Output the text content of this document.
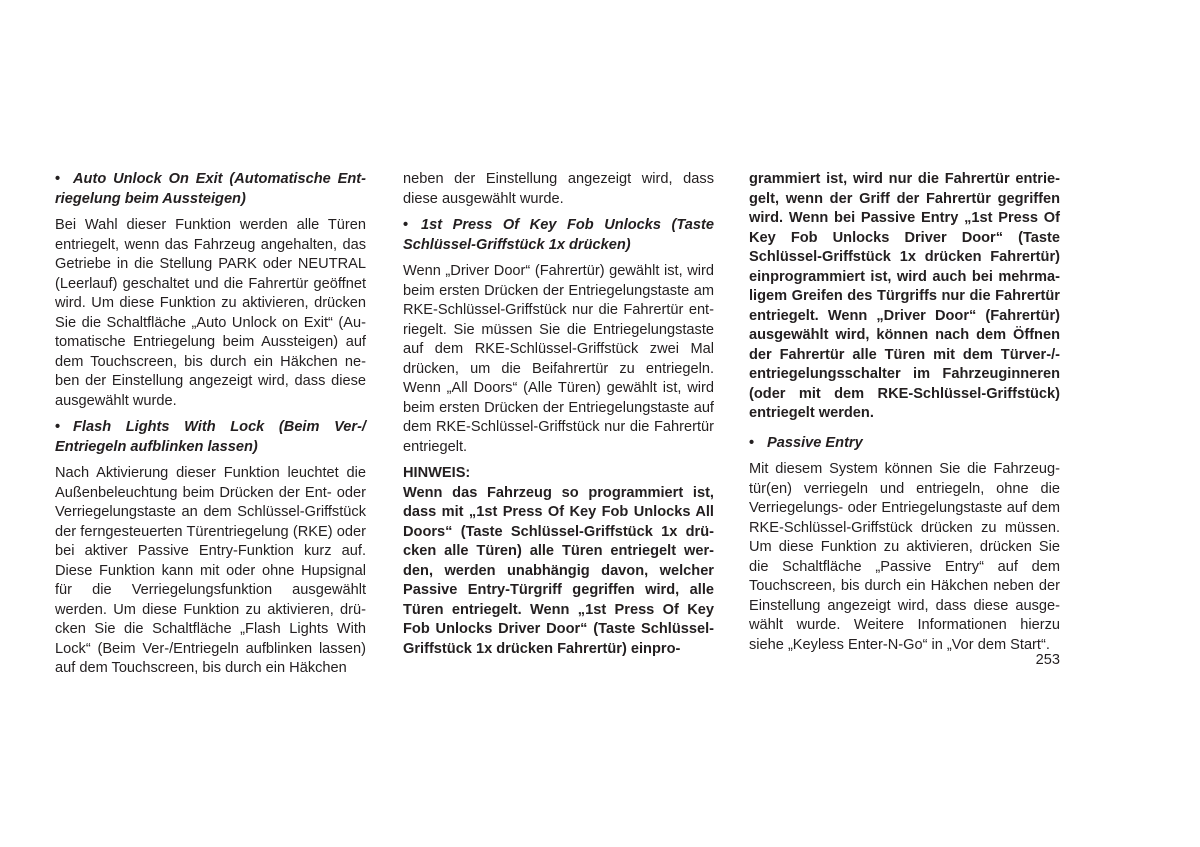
• Auto Unlock On Exit (Automatische Entriegelung beim Aussteigen)

Bei Wahl dieser Funktion werden alle Türen entriegelt, wenn das Fahrzeug angehalten, das Getriebe in die Stellung PARK oder NEUTRAL (Leerlauf) geschaltet und die Fahrertür geöffnet wird. Um diese Funktion zu aktivieren, drücken Sie die Schaltfläche „Auto Unlock on Exit“ (Automatische Entriegelung beim Aussteigen) auf dem Touchscreen, bis durch ein Häkchen neben der Einstellung angezeigt wird, dass diese ausgewählt wurde.

• Flash Lights With Lock (Beim Ver-/ Entriegeln aufblinken lassen)

Nach Aktivierung dieser Funktion leuchtet die Außenbeleuchtung beim Drücken der Ent- oder Verriegelungstaste an dem Schlüssel-Griffstück der ferngesteuerten Türentriegelung (RKE) oder bei aktiver Passive Entry-Funktion kurz auf. Diese Funktion kann mit oder ohne Hupsignal für die Verriegelungsfunktion ausgewählt werden. Um diese Funktion zu aktivieren, drücken Sie die Schaltfläche „Flash Lights With Lock“ (Beim Ver-/Entriegeln aufblinken lassen) auf dem Touchscreen, bis durch ein Häkchen

neben der Einstellung angezeigt wird, dass diese ausgewählt wurde.

• 1st Press Of Key Fob Unlocks (Taste Schlüssel-Griffstück 1x drücken)

Wenn „Driver Door“ (Fahrertür) gewählt ist, wird beim ersten Drücken der Entriegelungstaste am RKE-Schlüssel-Griffstück nur die Fahrertür entriegelt. Sie müssen Sie die Entriegelungstaste auf dem RKE-Schlüssel-Griffstück zwei Mal drücken, um die Beifahrertür zu entriegeln. Wenn „All Doors“ (Alle Türen) gewählt ist, wird beim ersten Drücken der Entriegelungstaste auf dem RKE-Schlüssel-Griffstück nur die Fahrertür entriegelt.

HINWEIS:

Wenn das Fahrzeug so programmiert ist, dass mit „1st Press Of Key Fob Unlocks All Doors“ (Taste Schlüssel-Griffstück 1x drücken alle Türen) alle Türen entriegelt werden, werden unabhängig davon, welcher Passive Entry-Türgriff gegriffen wird, alle Türen entriegelt. Wenn „1st Press Of Key Fob Unlocks Driver Door“ (Taste Schlüssel-Griffstück 1x drücken Fahrertür) einpro-

grammiert ist, wird nur die Fahrertür entriegelt, wenn der Griff der Fahrertür gegriffen wird. Wenn bei Passive Entry „1st Press Of Key Fob Unlocks Driver Door“ (Taste Schlüssel-Griffstück 1x drücken Fahrertür) einprogrammiert ist, wird auch bei mehrmaligem Greifen des Türgriffs nur die Fahrertür entriegelt. Wenn „Driver Door“ (Fahrertür) ausgewählt wird, können nach dem Öffnen der Fahrertür alle Türen mit dem Türver-/-entriegelungsschalter im Fahrzeuginneren (oder mit dem RKE-Schlüssel-Griffstück) entriegelt werden.

• Passive Entry

Mit diesem System können Sie die Fahrzeugtür(en) verriegeln und entriegeln, ohne die Verriegelungs- oder Entriegelungstaste auf dem RKE-Schlüssel-Griffstück drücken zu müssen. Um diese Funktion zu aktivieren, drücken Sie die Schaltfläche „Passive Entry“ auf dem Touchscreen, bis durch ein Häkchen neben der Einstellung angezeigt wird, dass diese ausgewählt wurde. Weitere Informationen hierzu siehe „Keyless Enter-N-Go“ in „Vor dem Start“.

253
